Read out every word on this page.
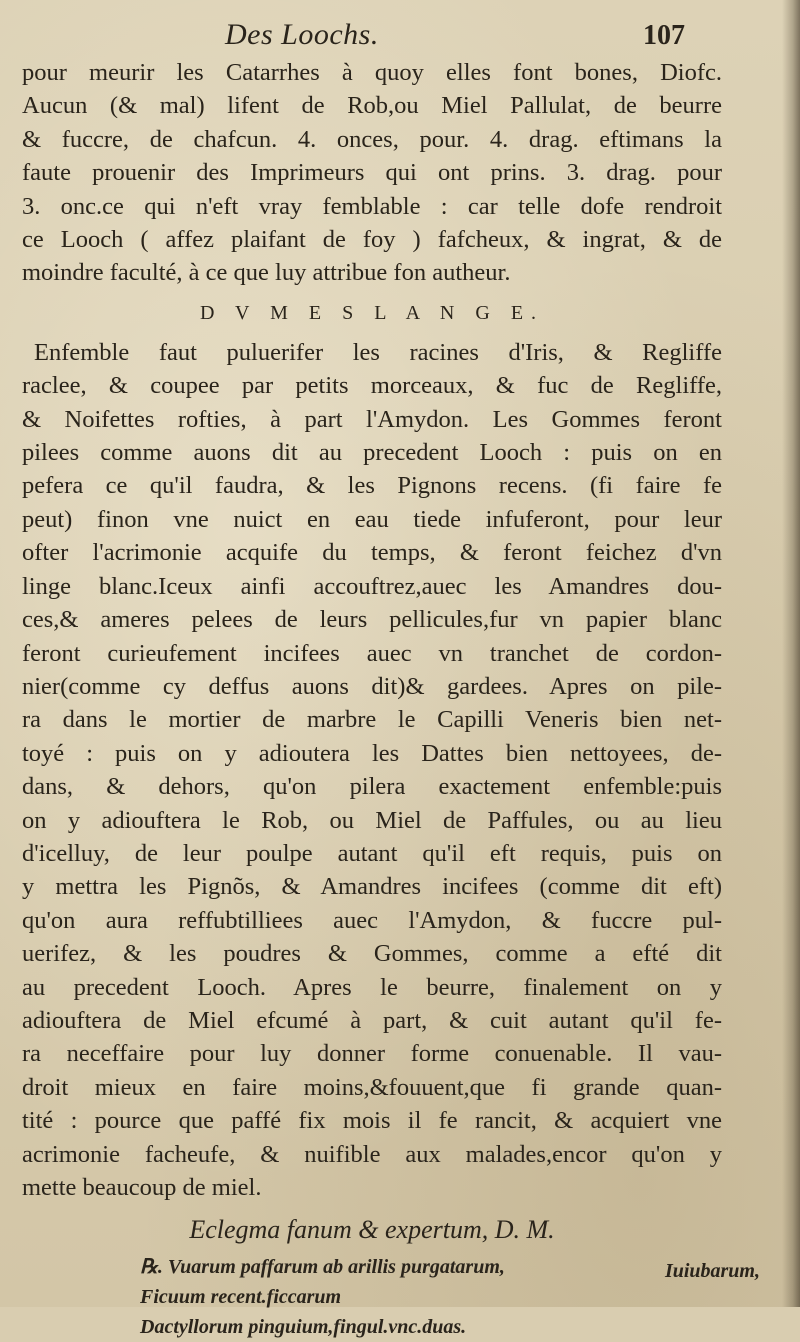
Des Loochs.	107
pour meurir les Catarrhes à quoy elles font bones, Diofc.
Aucun (& mal) lifent de Rob,ou Miel Pallulat, de beurre
& fuccre, de chafcun. 4. onces, pour. 4. drag. eftimans la
faute prouenir des Imprimeurs qui ont prins. 3. drag. pour
3. onc.ce qui n'eft vray femblable : car telle dofe rendroit
ce Looch ( affez plaifant de foy ) fafcheux, & ingrat, & de
moindre faculté, à ce que luy attribue fon autheur.
D V M E S L A N G E.
Enfemble faut puluerifer les racines d'Iris, & Regliffe
raclee, & coupee par petits morceaux, & fuc de Regliffe,
& Noifettes rofties, à part l'Amydon. Les Gommes feront
pilees comme auons dit au precedent Looch : puis on en
pefera ce qu'il faudra, & les Pignons recens. (fi faire fe
peut) finon vne nuict en eau tiede infuferont, pour leur
ofter l'acrimonie acquife du temps, & feront feichez d'vn
linge blanc.Iceux ainfi accouftrez,auec les Amandres dou-
ces,& ameres pelees de leurs pellicules,fur vn papier blanc
feront curieufement incifees auec vn tranchet de cordon-
nier(comme cy deffus auons dit)& gardees. Apres on pile-
ra dans le mortier de marbre le Capilli Veneris bien net-
toyé : puis on y adioutera les Dattes bien nettoyees, de-
dans, & dehors, qu'on pilera exactement enfemble:puis
on y adiouftera le Rob, ou Miel de Paffules, ou au lieu
d'icelluy, de leur poulpe autant qu'il eft requis, puis on
y mettra les Pignõs, & Amandres incifees (comme dit eft)
qu'on aura reffubtilliees auec l'Amydon, & fuccre pul-
uerifez, & les poudres & Gommes, comme a efté dit
au precedent Looch. Apres le beurre, finalement on y
adiouftera de Miel efcumé à part, & cuit autant qu'il fe-
ra neceffaire pour luy donner forme conuenable. Il vau-
droit mieux en faire moins,&fouuent,que fi grande quan-
tité : pource que paffé fix mois il fe rancit, & acquiert vne
acrimonie facheufe, & nuifible aux malades,encor qu'on y
mette beaucoup de miel.
Eclegma fanum & expertum, D. M.
℞. Vuarum paffarum ab arillis purgatarum,
Ficuum recent.ficcarum
Dactyllorum pinguium,fingul.vnc.duas.
Iuiubarum,
